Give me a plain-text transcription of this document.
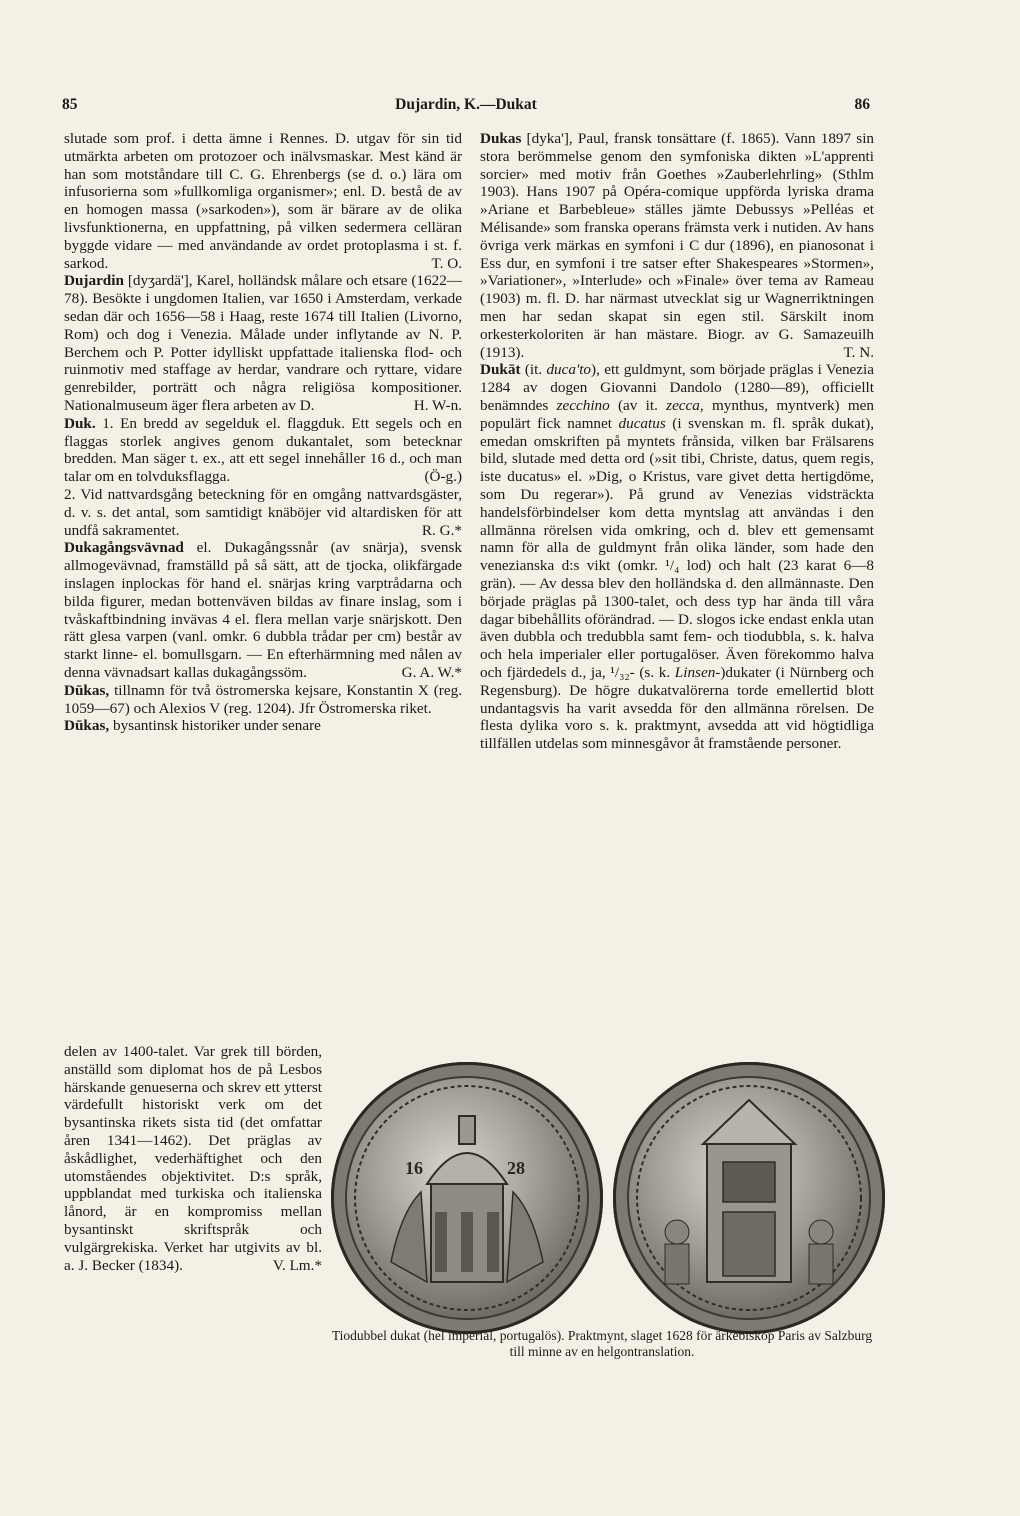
85	Dujardin, K.—Dukat	86

slutade som prof. i detta ämne i Rennes. D. utgav för sin tid utmärkta arbeten om protozoer och inälvsmaskar. Mest känd är han som motståndare till C. G. Ehrenbergs (se d. o.) lära om infusorierna som »fullkomliga organismer»; enl. D. bestå de av en homogen massa (»sarkoden»), som är bärare av de olika livsfunktionerna, en uppfattning, på vilken sedermera celläran byggde vidare — med användande av ordet protoplasma i st. f. sarkod.	T. O.

Dujardin [dyʒardä'], Karel, holländsk målare och etsare (1622—78). Besökte i ungdomen Italien, var 1650 i Amsterdam, verkade sedan där och 1656—58 i Haag, reste 1674 till Italien (Livorno, Rom) och dog i Venezia. Målade under inflytande av N. P. Berchem och P. Potter idylliskt uppfattade italienska flod- och ruinmotiv med staffage av herdar, vandrare och ryttare, vidare genrebilder, porträtt och några religiösa kompositioner. Nationalmuseum äger flera arbeten av D.	H. W-n.

Duk. 1. En bredd av segelduk el. flaggduk. Ett segels och en flaggas storlek angives genom dukantalet, som betecknar bredden. Man säger t. ex., att ett segel innehåller 16 d., och man talar om en tolvduksflagga.	(Ö-g.)

2. Vid nattvardsgång beteckning för en omgång nattvardsgäster, d. v. s. det antal, som samtidigt knäböjer vid altardisken för att undfå sakramentet.	R. G.*

Dukagångsvävnad el. Dukagångssnår (av snärja), svensk allmogevävnad, framställd på så sätt, att de tjocka, olikfärgade inslagen inplockas för hand el. snärjas kring varptrådarna och bilda figurer, medan bottenväven bildas av finare inslag, som i tvåskaftbindning invävas 4 el. flera mellan varje snärjskott. Den rätt glesa varpen (vanl. omkr. 6 dubbla trådar per cm) består av starkt linne- el. bomullsgarn. — En efterhärmning med nålen av denna vävnadsart kallas dukagångssöm.	G. A. W.*

Dūkas, tillnamn för två östromerska kejsare, Konstantin X (reg. 1059—67) och Alexios V (reg. 1204). Jfr Östromerska riket.

Dūkas, bysantinsk historiker under senare

delen av 1400-talet. Var grek till börden, anställd som diplomat hos de på Lesbos härskande genueserna och skrev ett ytterst värdefullt historiskt verk om det bysantinska rikets sista tid (det omfattar åren 1341—1462). Det präglas av åskådlighet, vederhäftighet och den utomståendes objektivitet. D:s språk, uppblandat med turkiska och italienska lånord, är en kompromiss mellan bysantinskt skriftspråk och vulgärgrekiska. Verket har utgivits av bl. a. J. Becker (1834).	V. Lm.*

Dukas [dyka'], Paul, fransk tonsättare (f. 1865). Vann 1897 sin stora berömmelse genom den symfoniska dikten »L'apprenti sorcier» med motiv från Goethes »Zauberlehrling» (Sthlm 1903). Hans 1907 på Opéra-comique uppförda lyriska drama »Ariane et Barbebleue» ställes jämte Debussys »Pelléas et Mélisande» som franska operans främsta verk i nutiden. Av hans övriga verk märkas en symfoni i C dur (1896), en pianosonat i Ess dur, en symfoni i tre satser efter Shakespeares »Stormen», »Variationer», »Interlude» och »Finale» över tema av Rameau (1903) m. fl. D. har närmast utvecklat sig ur Wagnerriktningen men har sedan skapat sin egen stil. Särskilt inom orkesterkoloriten är han mästare. Biogr. av G. Samazeuilh (1913).	T. N.

Dukāt (it. duca'to), ett guldmynt, som började präglas i Venezia 1284 av dogen Giovanni Dandolo (1280—89), officiellt benämndes zecchino (av it. zecca, mynthus, myntverk) men populärt fick namnet ducatus (i svenskan m. fl. språk dukat), emedan omskriften på myntets frånsida, vilken bar Frälsarens bild, slutade med detta ord (»sit tibi, Christe, datus, quem regis, iste ducatus» el. »Dig, o Kristus, vare givet detta hertigdöme, som Du regerar»). På grund av Venezias vidsträckta handelsförbindelser kom detta myntslag att användas i den allmänna rörelsen vida omkring, och d. blev ett gemensamt namn för alla de guldmynt från olika länder, som hade den venezianska d:s vikt (omkr. ¹/₄ lod) och halt (23 karat 6—8 grän). — Av dessa blev den holländska d. den allmännaste. Den började präglas på 1300-talet, och dess typ har ända till våra dagar bibehållits oförändrad. — D. slogos icke endast enkla utan även dubbla och tredubbla samt fem- och tiodubbla, s. k. halva och hela imperialer eller portugalöser. Även förekommo halva och fjärdedels d., ja, ¹/₃₂- (s. k. Linsen-)dukater (i Nürnberg och Regensburg). De högre dukatvalörerna torde emellertid blott undantagsvis ha varit avsedda för den allmänna rörelsen. De flesta dylika voro s. k. praktmynt, avsedda att vid högtidliga tillfällen utdelas som minnesgåvor åt framstående personer.

16	28
Tiodubbel dukat (hel imperial, portugalös). Praktmynt, slaget 1628 för ärkebiskop Paris av Salzburg till minne av en helgontranslation.
